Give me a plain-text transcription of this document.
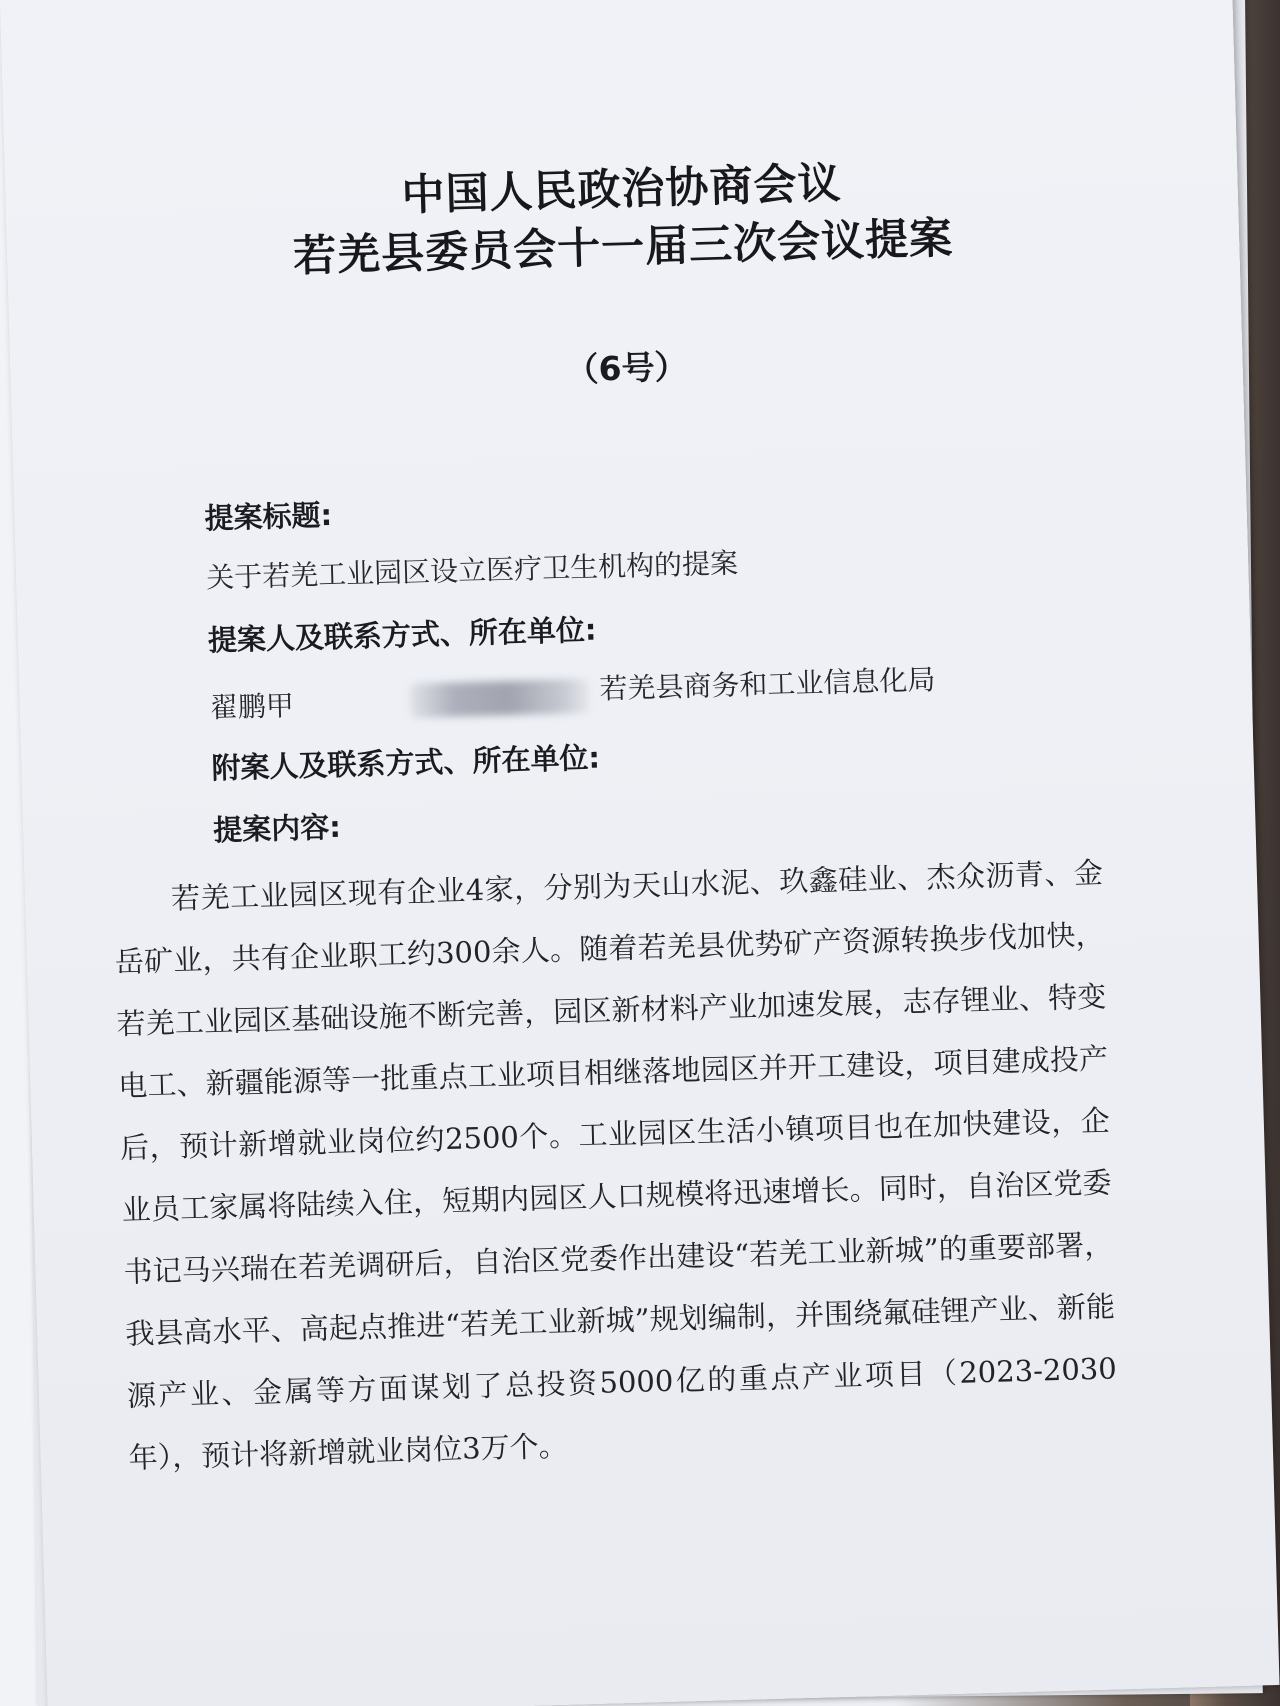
中国人民政治协商会议
若羌县委员会十一届三次会议提案
（6号）
提案标题:
关于若羌工业园区设立医疗卫生机构的提案
提案人及联系方式、所在单位:
翟鹏甲
若羌县商务和工业信息化局
附案人及联系方式、所在单位:
提案内容:
若羌工业园区现有企业4家，分别为天山水泥、玖鑫硅业、杰众沥青、金岳矿业，共有企业职工约300余人。随着若羌县优势矿产资源转换步伐加快，若羌工业园区基础设施不断完善，园区新材料产业加速发展，志存锂业、特变电工、新疆能源等一批重点工业项目相继落地园区并开工建设，项目建成投产后，预计新增就业岗位约2500个。工业园区生活小镇项目也在加快建设，企业员工家属将陆续入住，短期内园区人口规模将迅速增长。同时，自治区党委书记马兴瑞在若羌调研后，自治区党委作出建设“若羌工业新城”的重要部署，我县高水平、高起点推进“若羌工业新城”规划编制，并围绕氟硅锂产业、新能源产业、金属等方面谋划了总投资5000亿的重点产业项目（2023-2030年），预计将新增就业岗位3万个。
